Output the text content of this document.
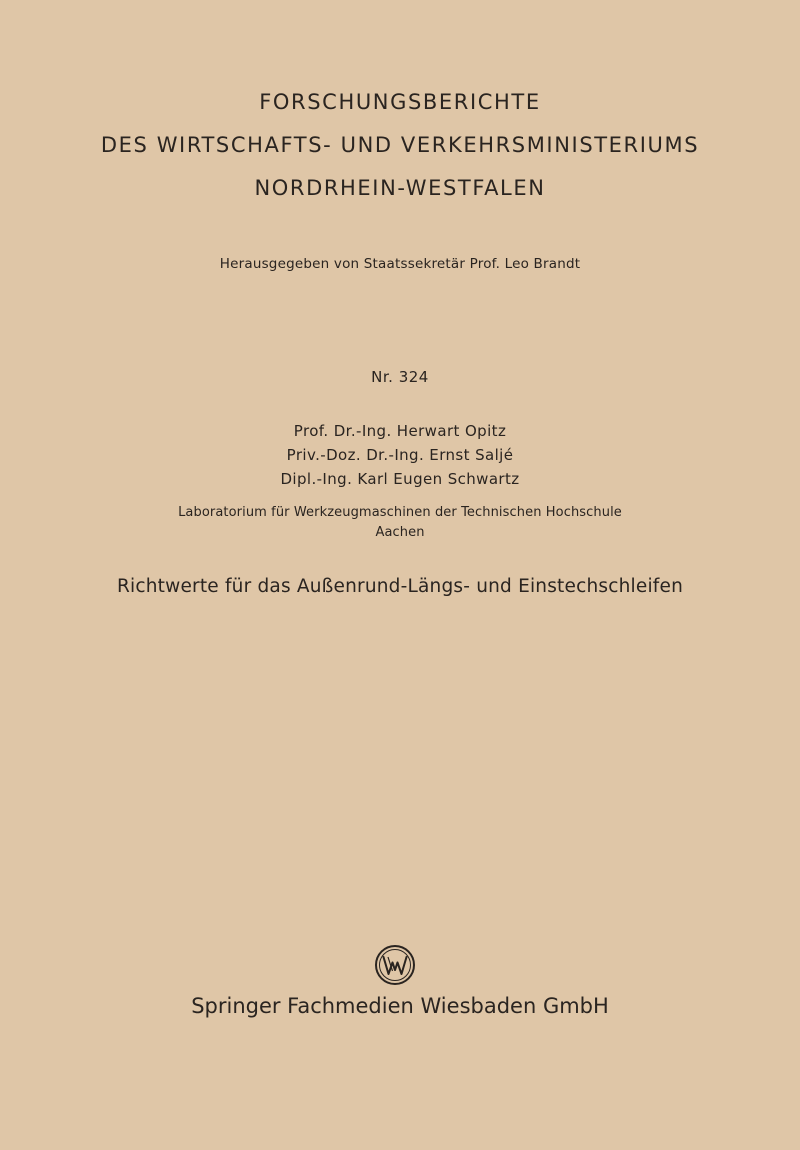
FORSCHUNGSBERICHTE
DES WIRTSCHAFTS- UND VERKEHRSMINISTERIUMS
NORDRHEIN-WESTFALEN
Herausgegeben von Staatssekretär Prof. Leo Brandt
Nr. 324
Prof. Dr.-Ing. Herwart Opitz
Priv.-Doz. Dr.-Ing. Ernst Saljé
Dipl.-Ing. Karl Eugen Schwartz
Laboratorium für Werkzeugmaschinen der Technischen Hochschule
Aachen
Richtwerte für das Außenrund-Längs- und Einstechschleifen
Springer Fachmedien Wiesbaden GmbH
